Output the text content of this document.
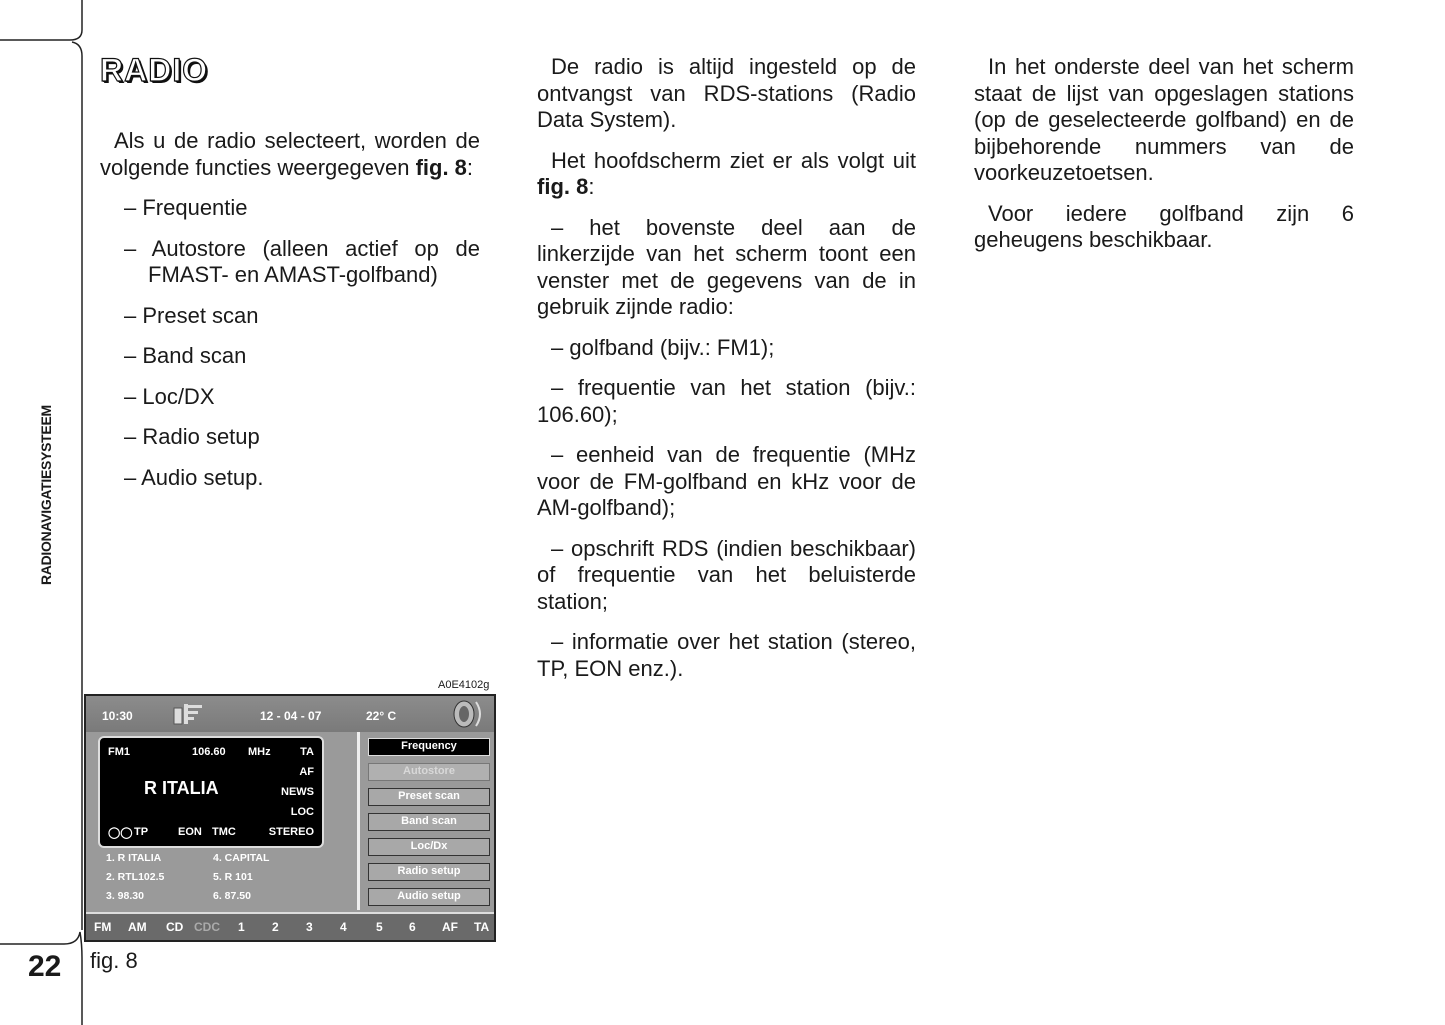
RADIONAVIGATIESYSTEEM
22
RADIO

Als u de radio selecteert, worden de volgende functies weergegeven fig. 8:

– Frequentie

– Autostore (alleen actief op de FMAST- en AMAST-golfband)

– Preset scan

– Band scan

– Loc/DX

– Radio setup

– Audio setup.

De radio is altijd ingesteld op de ontvangst van RDS-stations (Radio Data System).

Het hoofdscherm ziet er als volgt uit fig. 8:

– het bovenste deel aan de linkerzijde van het scherm toont een venster met de gegevens van de in gebruik zijnde radio:

– golfband (bijv.: FM1);

– frequentie van het station (bijv.: 106.60);

– eenheid van de frequentie (MHz voor de FM-golfband en kHz voor de AM-golfband);

– opschrift RDS (indien beschikbaar) of frequentie van het beluisterde station;

– informatie over het station (stereo, TP, EON enz.).

In het onderste deel van het scherm staat de lijst van opgeslagen stations (op de geselecteerde golfband) en de bijbehorende nummers van de voorkeuzetoetsen.

Voor iedere golfband zijn 6 geheugens beschikbaar.

A0E4102g
10:30	12 - 04 - 07	22° C
FM1	106.60 MHz	TA
AF
NEWS
LOC
STEREO
R ITALIA
◯◯ TP	EON TMC
1. R ITALIA
2. RTL102.5
3. 98.30
4. CAPITAL
5. R 101
6. 87.50
Frequency
Autostore
Preset scan
Band scan
Loc/Dx
Radio setup
Audio setup
FM AM CD CDC 1 2 3 4 5 6 AF TA
fig. 8
